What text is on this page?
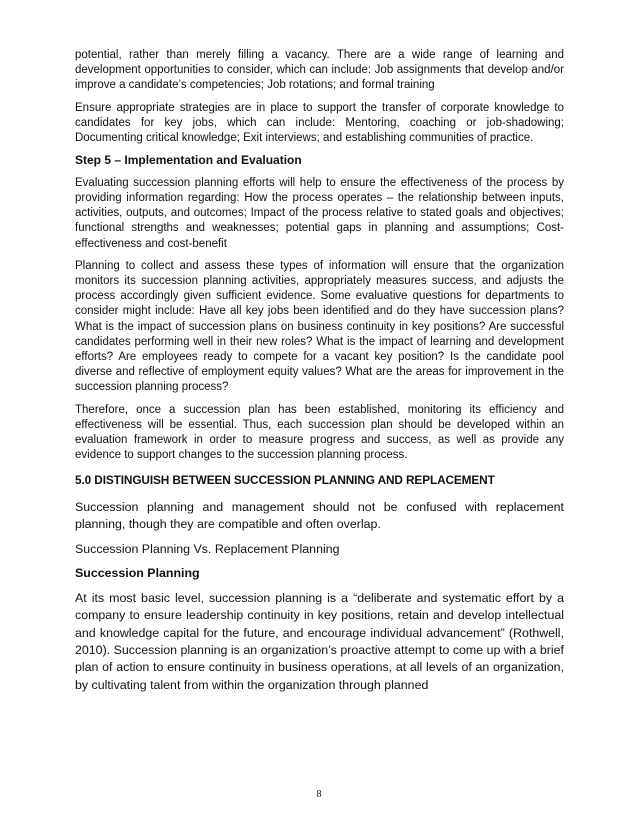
potential, rather than merely filling a vacancy. There are a wide range of learning and development opportunities to consider, which can include: Job assignments that develop and/or improve a candidate’s competencies; Job rotations; and formal training

Ensure appropriate strategies are in place to support the transfer of corporate knowledge to candidates for key jobs, which can include: Mentoring, coaching or job-shadowing; Documenting critical knowledge; Exit interviews; and establishing communities of practice.

Step 5 – Implementation and Evaluation

Evaluating succession planning efforts will help to ensure the effectiveness of the process by providing information regarding: How the process operates – the relationship between inputs, activities, outputs, and outcomes; Impact of the process relative to stated goals and objectives; functional strengths and weaknesses; potential gaps in planning and assumptions; Cost-effectiveness and cost-benefit

Planning to collect and assess these types of information will ensure that the organization monitors its succession planning activities, appropriately measures success, and adjusts the process accordingly given sufficient evidence. Some evaluative questions for departments to consider might include: Have all key jobs been identified and do they have succession plans? What is the impact of succession plans on business continuity in key positions? Are successful candidates performing well in their new roles? What is the impact of learning and development efforts? Are employees ready to compete for a vacant key position? Is the candidate pool diverse and reflective of employment equity values? What are the areas for improvement in the succession planning process?

Therefore, once a succession plan has been established, monitoring its efficiency and effectiveness will be essential. Thus, each succession plan should be developed within an evaluation framework in order to measure progress and success, as well as provide any evidence to support changes to the succession planning process.

5.0 DISTINGUISH BETWEEN SUCCESSION PLANNING AND REPLACEMENT

Succession planning and management should not be confused with replacement planning, though they are compatible and often overlap.

Succession Planning Vs. Replacement Planning

Succession Planning

At its most basic level, succession planning is a “deliberate and systematic effort by a company to ensure leadership continuity in key positions, retain and develop intellectual and knowledge capital for the future, and encourage individual advancement” (Rothwell, 2010). Succession planning is an organization’s proactive attempt to come up with a brief plan of action to ensure continuity in business operations, at all levels of an organization, by cultivating talent from within the organization through planned

8
